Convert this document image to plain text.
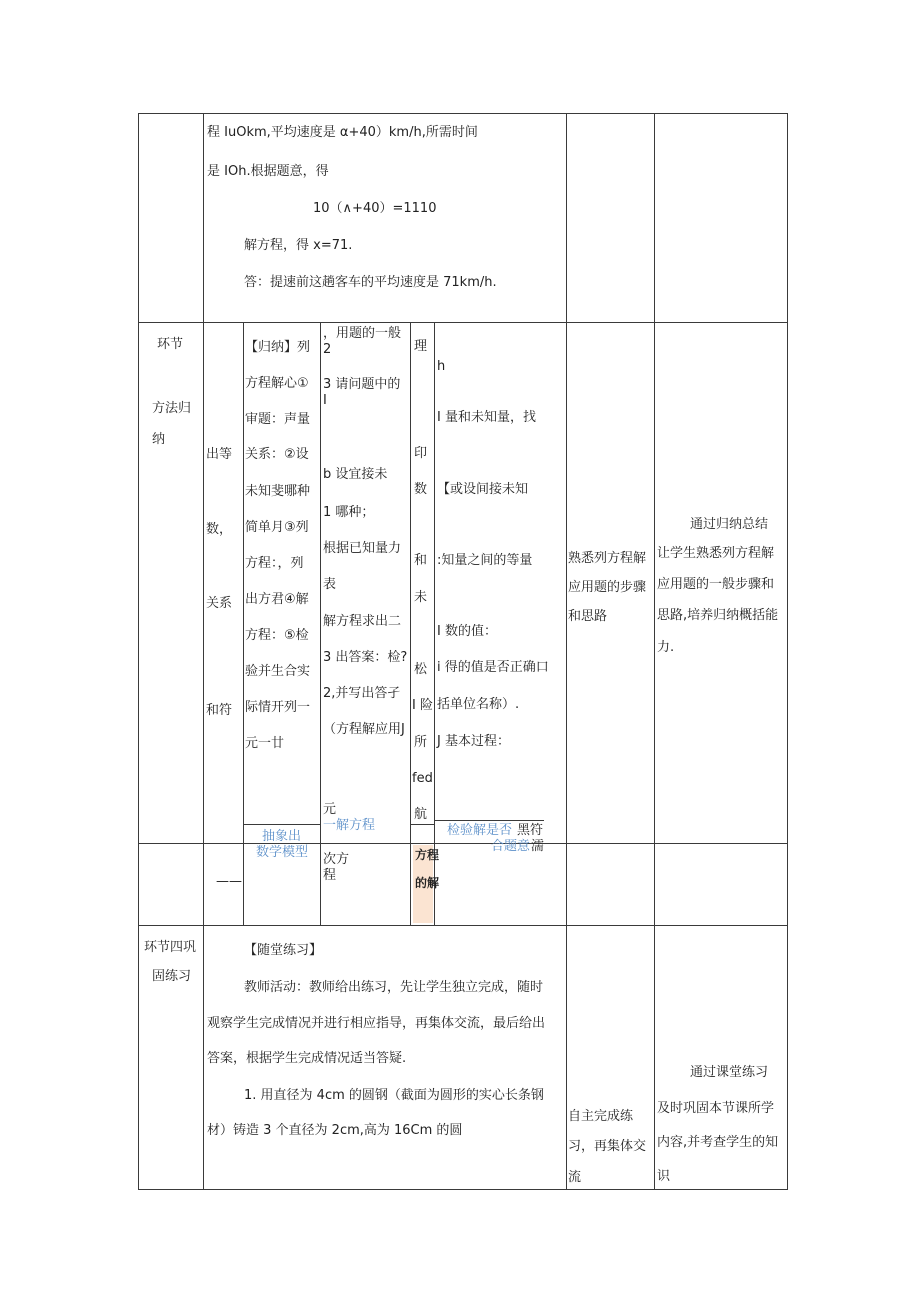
程 IuOkm,平均速度是 α+40）km/h,所需时间
是 IOh.根据题意，得
10（∧+40）=1110
解方程，得 x=71.
答：提速前这趟客车的平均速度是 71km/h.
环节
方法归
纳
出等
数，
关系
和符
【归纳】列
方程解心①
审题：声量
关系：②设
未知斐哪种
简单月③列
方程：，列
出方君④解
方程：⑤检
验并生合实
际情开列一
元一廿
抽象出
数学模型
——
，用题的一般
2
3 请问题中的
I
b 设宜接未
1 哪种；
根据已知量力
表
解方程求出二
3 出答案：检?
2,并写出答孑
（方程解应用J
元
一解方程
次方
程
理
印
数
和
未
松
I 险
所
fed
航
方程
的解
h
I 量和未知量，找
【或设间接未知
:知量之间的等量
I 数的值：
i 得的值是否正确口
括单位名称）.
J 基本过程：
检验解是否
合题意
黑符
濡
熟悉列方程解
应用题的步骤
和思路
通过归纳总结
让学生熟悉列方程解
应用题的一般步骤和
思路,培养归纳概括能
力.
环节四巩
固练习
【随堂练习】
教师活动：教师给出练习，先让学生独立完成，随时
观察学生完成情况并进行相应指导，再集体交流，最后给出
答案，根据学生完成情况适当答疑.
1. 用直径为 4cm 的圆钢（截面为圆形的实心长条钢
材）铸造 3 个直径为 2cm,高为 16Cm 的圆
自主完成练
习，再集体交
流
通过课堂练习
及时巩固本节课所学
内容,并考查学生的知
识
